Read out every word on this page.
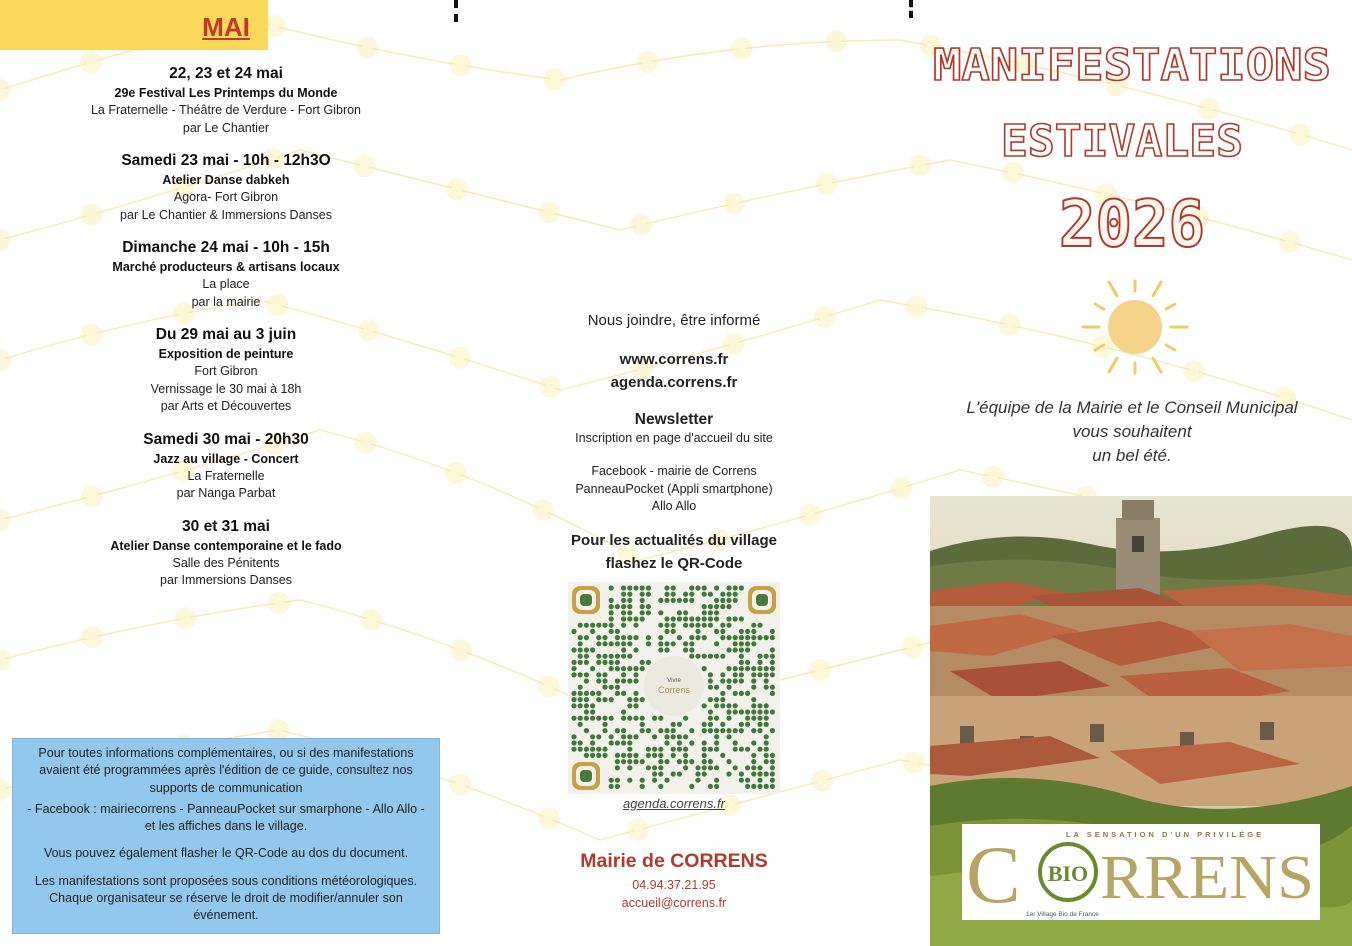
MAI
22, 23 et 24 mai
29e Festival Les Printemps du Monde
La Fraternelle - Théâtre de Verdure - Fort Gibron
par Le Chantier
Samedi 23 mai - 10h - 12h3O
Atelier Danse dabkeh
Agora- Fort Gibron
par Le Chantier & Immersions Danses
Dimanche 24 mai - 10h - 15h
Marché producteurs & artisans locaux
La place
par la mairie
Du 29 mai au 3 juin
Exposition de peinture
Fort Gibron
Vernissage le 30 mai à 18h
par Arts et Découvertes
Samedi 30 mai - 20h30
Jazz au village - Concert
La Fraternelle
par Nanga Parbat
30 et 31 mai
Atelier Danse contemporaine et le fado
Salle des Pénitents
par Immersions Danses

Pour toutes informations complémentaires, ou si des manifestations avaient été programmées après l'édition de ce guide, consultez nos supports de communication

- Facebook : mairiecorrens - PanneauPocket sur smarphone - Allo Allo - et les affiches dans le village.

Vous pouvez également flasher le QR-Code au dos du document.

Les manifestations sont proposées sous conditions météorologiques. Chaque organisateur se réserve le droit de modifier/annuler son événement.

Nous joindre, être informé
www.correns.fr
agenda.correns.fr
Newsletter
Inscription en page d'accueil du site
Facebook - mairie de Correns
PanneauPocket (Appli smartphone)
Allo Allo
Pour les actualités du village
flashez le QR-Code
Vivre
Correns
agenda.correns.fr
Mairie de CORRENS
04.94.37.21.95
accueil@correns.fr
MANIFESTATIONS
ESTIVALES
2026
L'équipe de la Mairie et le Conseil Municipal
vous souhaitent
un bel été.
LA SENSATION D'UN PRIVILÈGE
C BIO RRENS
1er Village Bio de France
